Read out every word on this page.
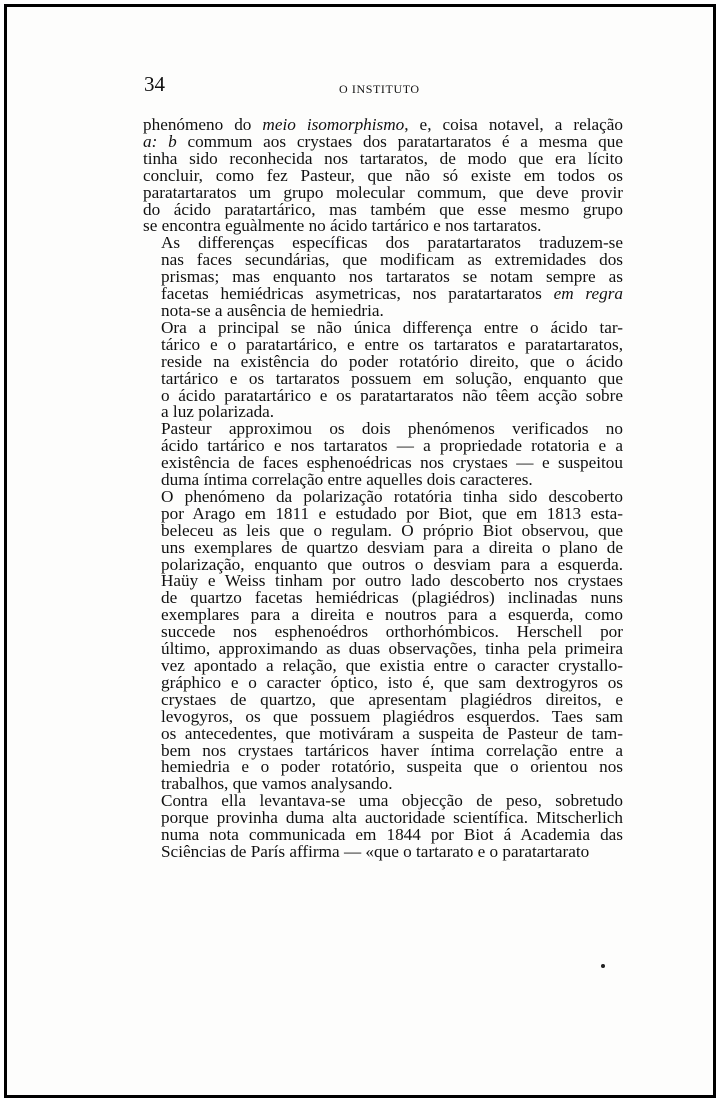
34	O INSTITUTO

phenómeno do meio isomorphismo, e, coisa notavel, a relação
a: b commum aos crystaes dos paratartaratos é a mesma que
tinha sido reconhecida nos tartaratos, de modo que era lícito
concluir, como fez Pasteur, que não só existe em todos os
paratartaratos um grupo molecular commum, que deve provir
do ácido paratartárico, mas também que esse mesmo grupo
se encontra eguàlmente no ácido tartárico e nos tartaratos.

As differenças específicas dos paratartaratos traduzem-se
nas faces secundárias, que modificam as extremidades dos
prismas; mas enquanto nos tartaratos se notam sempre as
facetas hemiédricas asymetricas, nos paratartaratos em regra
nota-se a ausência de hemiedria.

Ora a principal se não única differença entre o ácido tar-
tárico e o paratartárico, e entre os tartaratos e paratartaratos,
reside na existência do poder rotatório direito, que o ácido
tartárico e os tartaratos possuem em solução, enquanto que
o ácido paratartárico e os paratartaratos não têem acção sobre
a luz polarizada.

Pasteur approximou os dois phenómenos verificados no
ácido tartárico e nos tartaratos — a propriedade rotatoria e a
existência de faces esphenoédricas nos crystaes — e suspeitou
duma íntima correlação entre aquelles dois caracteres.

O phenómeno da polarização rotatória tinha sido descoberto
por Arago em 1811 e estudado por Biot, que em 1813 esta-
beleceu as leis que o regulam. O próprio Biot observou, que
uns exemplares de quartzo desviam para a direita o plano de
polarização, enquanto que outros o desviam para a esquerda.
Haüy e Weiss tinham por outro lado descoberto nos crystaes
de quartzo facetas hemiédricas (plagiédros) inclinadas nuns
exemplares para a direita e noutros para a esquerda, como
succede nos esphenoédros orthorhómbicos. Herschell por
último, approximando as duas observações, tinha pela primeira
vez apontado a relação, que existia entre o caracter crystallo-
gráphico e o caracter óptico, isto é, que sam dextrogyros os
crystaes de quartzo, que apresentam plagiédros direitos, e
levogyros, os que possuem plagiédros esquerdos. Taes sam
os antecedentes, que motiváram a suspeita de Pasteur de tam-
bem nos crystaes tartáricos haver íntima correlação entre a
hemiedria e o poder rotatório, suspeita que o orientou nos
trabalhos, que vamos analysando.

Contra ella levantava-se uma objecção de peso, sobretudo
porque provinha duma alta auctoridade scientífica. Mitscherlich
numa nota communicada em 1844 por Biot á Academia das
Sciências de París affirma — «que o tartarato e o paratartarato
